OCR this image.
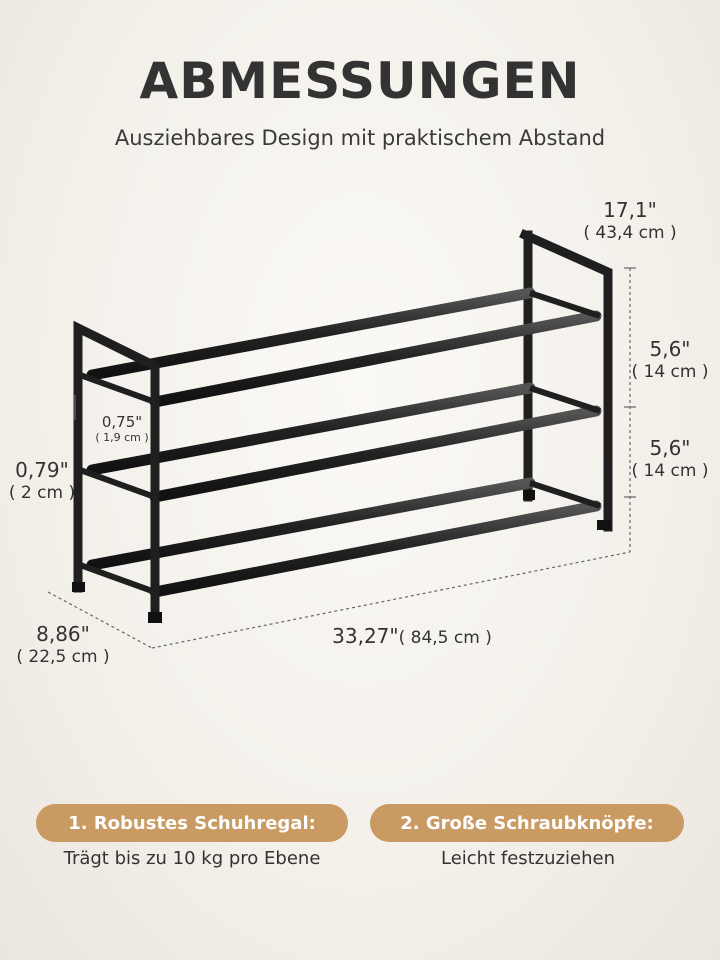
ABMESSUNGEN
Ausziehbares Design mit praktischem Abstand
17,1"
( 43,4 cm )
5,6"
( 14 cm )
5,6"
( 14 cm )
0,75"
( 1,9 cm )
0,79"
( 2 cm )
8,86"
( 22,5 cm )
33,27"( 84,5 cm )
1. Robustes Schuhregal:
Trägt bis zu 10 kg pro Ebene
2. Große Schraubknöpfe:
Leicht festzuziehen
